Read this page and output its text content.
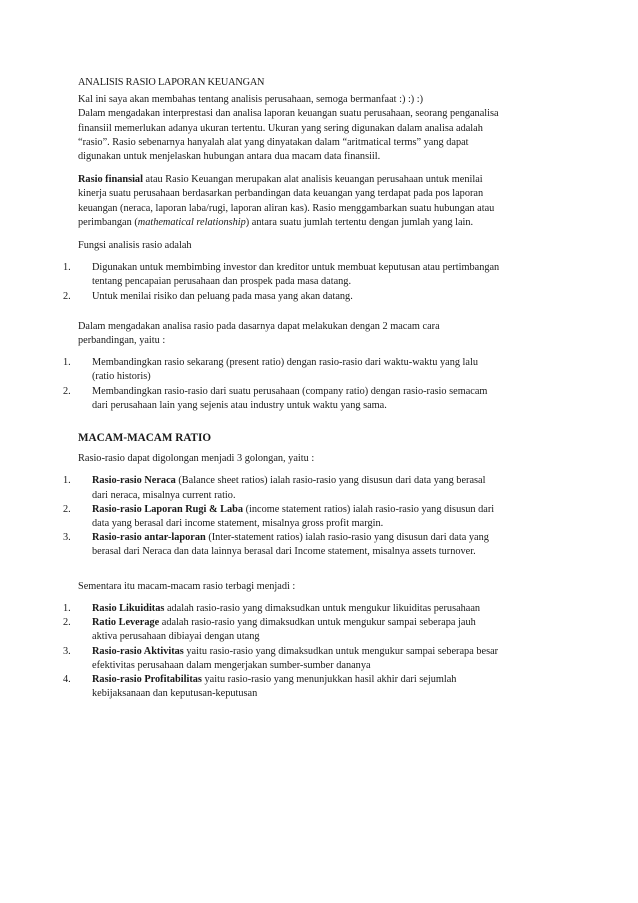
ANALISIS RASIO LAPORAN KEUANGAN

Kal ini saya akan membahas tentang analisis perusahaan, semoga bermanfaat :) :) :)

Dalam mengadakan interprestasi dan analisa laporan keuangan suatu perusahaan, seorang penganalisa

finansiil memerlukan adanya ukuran tertentu. Ukuran yang sering digunakan dalam analisa adalah

“rasio”. Rasio sebenarnya hanyalah alat yang dinyatakan dalam “aritmatical terms” yang dapat

digunakan untuk menjelaskan hubungan antara dua macam data finansiil.

Rasio finansial atau Rasio Keuangan merupakan alat analisis keuangan perusahaan untuk menilai

kinerja suatu perusahaan berdasarkan perbandingan data keuangan yang terdapat pada pos laporan

keuangan (neraca, laporan laba/rugi, laporan aliran kas). Rasio menggambarkan suatu hubungan atau

perimbangan (mathematical relationship) antara suatu jumlah tertentu dengan jumlah yang lain.

Fungsi analisis rasio adalah

1. Digunakan untuk membimbing investor dan kreditor untuk membuat keputusan atau pertimbangan

tentang pencapaian perusahaan dan prospek pada masa datang.

2. Untuk menilai risiko dan peluang pada masa yang akan datang.

Dalam mengadakan analisa rasio pada dasarnya dapat melakukan dengan 2 macam cara

perbandingan, yaitu :

1. Membandingkan rasio sekarang (present ratio) dengan rasio-rasio dari waktu-waktu yang lalu

(ratio historis)

2. Membandingkan rasio-rasio dari suatu perusahaan (company ratio) dengan rasio-rasio semacam

dari perusahaan lain yang sejenis atau industry untuk waktu yang sama.

MACAM-MACAM RATIO

Rasio-rasio dapat digolongan menjadi 3 golongan, yaitu :

1. Rasio-rasio Neraca (Balance sheet ratios) ialah rasio-rasio yang disusun dari data yang berasal

dari neraca, misalnya current ratio.

2. Rasio-rasio Laporan Rugi & Laba (income statement ratios) ialah rasio-rasio yang disusun dari

data yang berasal dari income statement, misalnya gross profit margin.

3. Rasio-rasio antar-laporan (Inter-statement ratios) ialah rasio-rasio yang disusun dari data yang

berasal dari Neraca dan data lainnya berasal dari Income statement, misalnya assets turnover.

Sementara itu macam-macam rasio terbagi menjadi :

1. Rasio Likuiditas adalah rasio-rasio yang dimaksudkan untuk mengukur likuiditas perusahaan

2. Ratio Leverage adalah rasio-rasio yang dimaksudkan untuk mengukur sampai seberapa jauh

aktiva perusahaan dibiayai dengan utang

3. Rasio-rasio Aktivitas yaitu rasio-rasio yang dimaksudkan untuk mengukur sampai seberapa besar

efektivitas perusahaan dalam mengerjakan sumber-sumber dananya

4. Rasio-rasio Profitabilitas yaitu rasio-rasio yang menunjukkan hasil akhir dari sejumlah

kebijaksanaan dan keputusan-keputusan
